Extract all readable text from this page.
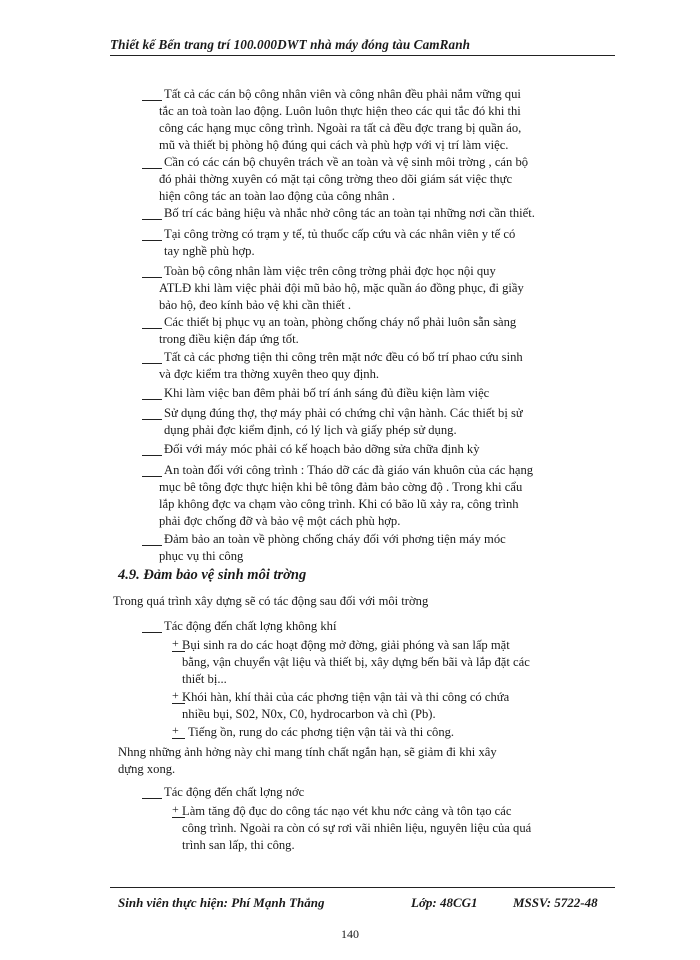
Thiết kế Bến trang trí 100.000DWT nhà máy đóng tàu CamRanh
Tất cả các cán bộ công nhân viên và công nhân đều phải nắm vững qui
tắc an toà toàn lao động. Luôn luôn thực hiện theo các qui tắc đó khi thi
công các hạng mục công trình. Ngoài ra tất cả đều đợc trang bị quần áo,
mũ và thiết bị phòng hộ đúng qui cách và phù hợp với vị trí làm việc.
Cần có các cán bộ chuyên trách về an toàn và vệ sinh môi trờng , cán bộ
đó phải thờng xuyên có mặt tại công trờng theo dõi giám sát việc thực
hiện công tác an toàn lao động của công nhân .
Bố trí các bảng hiệu và nhắc nhở công tác an toàn tại những nơi cần thiết.
Tại công trờng có trạm y tế, tủ thuốc cấp cứu và các nhân viên y tế có
tay nghề phù hợp.
Toàn bộ công nhân làm việc trên công trờng phải đợc học nội quy
ATLĐ khi làm việc phải đội mũ bảo hộ, mặc quần áo đồng phục, đi giầy
bảo hộ, đeo kính bảo vệ khi cần thiết .
Các thiết bị phục vụ an toàn, phòng chống cháy nổ phải luôn sẵn sàng
trong điều kiện đáp ứng tốt.
Tất cả các phơng tiện thi công trên mặt nớc đều có bố trí phao cứu sinh
và đợc kiểm tra thờng xuyên theo quy định.
Khi làm việc ban đêm phải bố trí ánh sáng đủ điều kiện làm việc
Sử dụng đúng thợ, thợ máy phải có chứng chỉ vận hành. Các thiết bị sử
dụng phải đợc kiểm định, có lý lịch và giấy phép sử dụng.
Đối với máy móc phải có kế hoạch bảo dỡng sửa chữa định kỳ
An toàn đối với công trình : Tháo dỡ các đà giáo ván khuôn của các hạng
mục bê tông đợc thực hiện khi bê tông đảm bảo cờng độ . Trong khi cẩu
lắp không đợc va chạm vào công trình. Khi có bão lũ xảy ra, công trình
phải đợc chống đỡ và bảo vệ một cách phù hợp.
Đảm bảo an toàn về phòng chống cháy đối với phơng tiện máy móc
phục vụ thi công
4.9. Đảm bảo vệ sinh môi trờng
Trong quá trình xây dựng sẽ có tác động sau đối với môi trờng
Tác động đến chất lợng không khí
+ Bụi sinh ra do các hoạt động mở đờng, giải phóng và san lấp mặt
bằng, vận chuyển vật liệu và thiết bị, xây dựng bến bãi và lắp đặt các
thiết bị...
+ Khói hàn, khí thải của các phơng tiện vận tải và thi công có chứa
nhiều bụi, S02, N0x, C0, hydrocarbon và chì (Pb).
+ Tiếng ồn, rung do các phơng tiện vận tải và thi công.
Nhng những ảnh hởng này chỉ mang tính chất ngắn hạn, sẽ giảm đi khi xây
dựng xong.
Tác động đến chất lợng nớc
+ Làm tăng độ đục do công tác nạo vét khu nớc cảng và tôn tạo các
công trình. Ngoài ra còn có sự rơi vãi nhiên liệu, nguyên liệu của quá
trình san lấp, thi công.
Sinh viên thực hiện: Phí Mạnh Thắng	Lớp: 48CG1	MSSV: 5722-48
140
